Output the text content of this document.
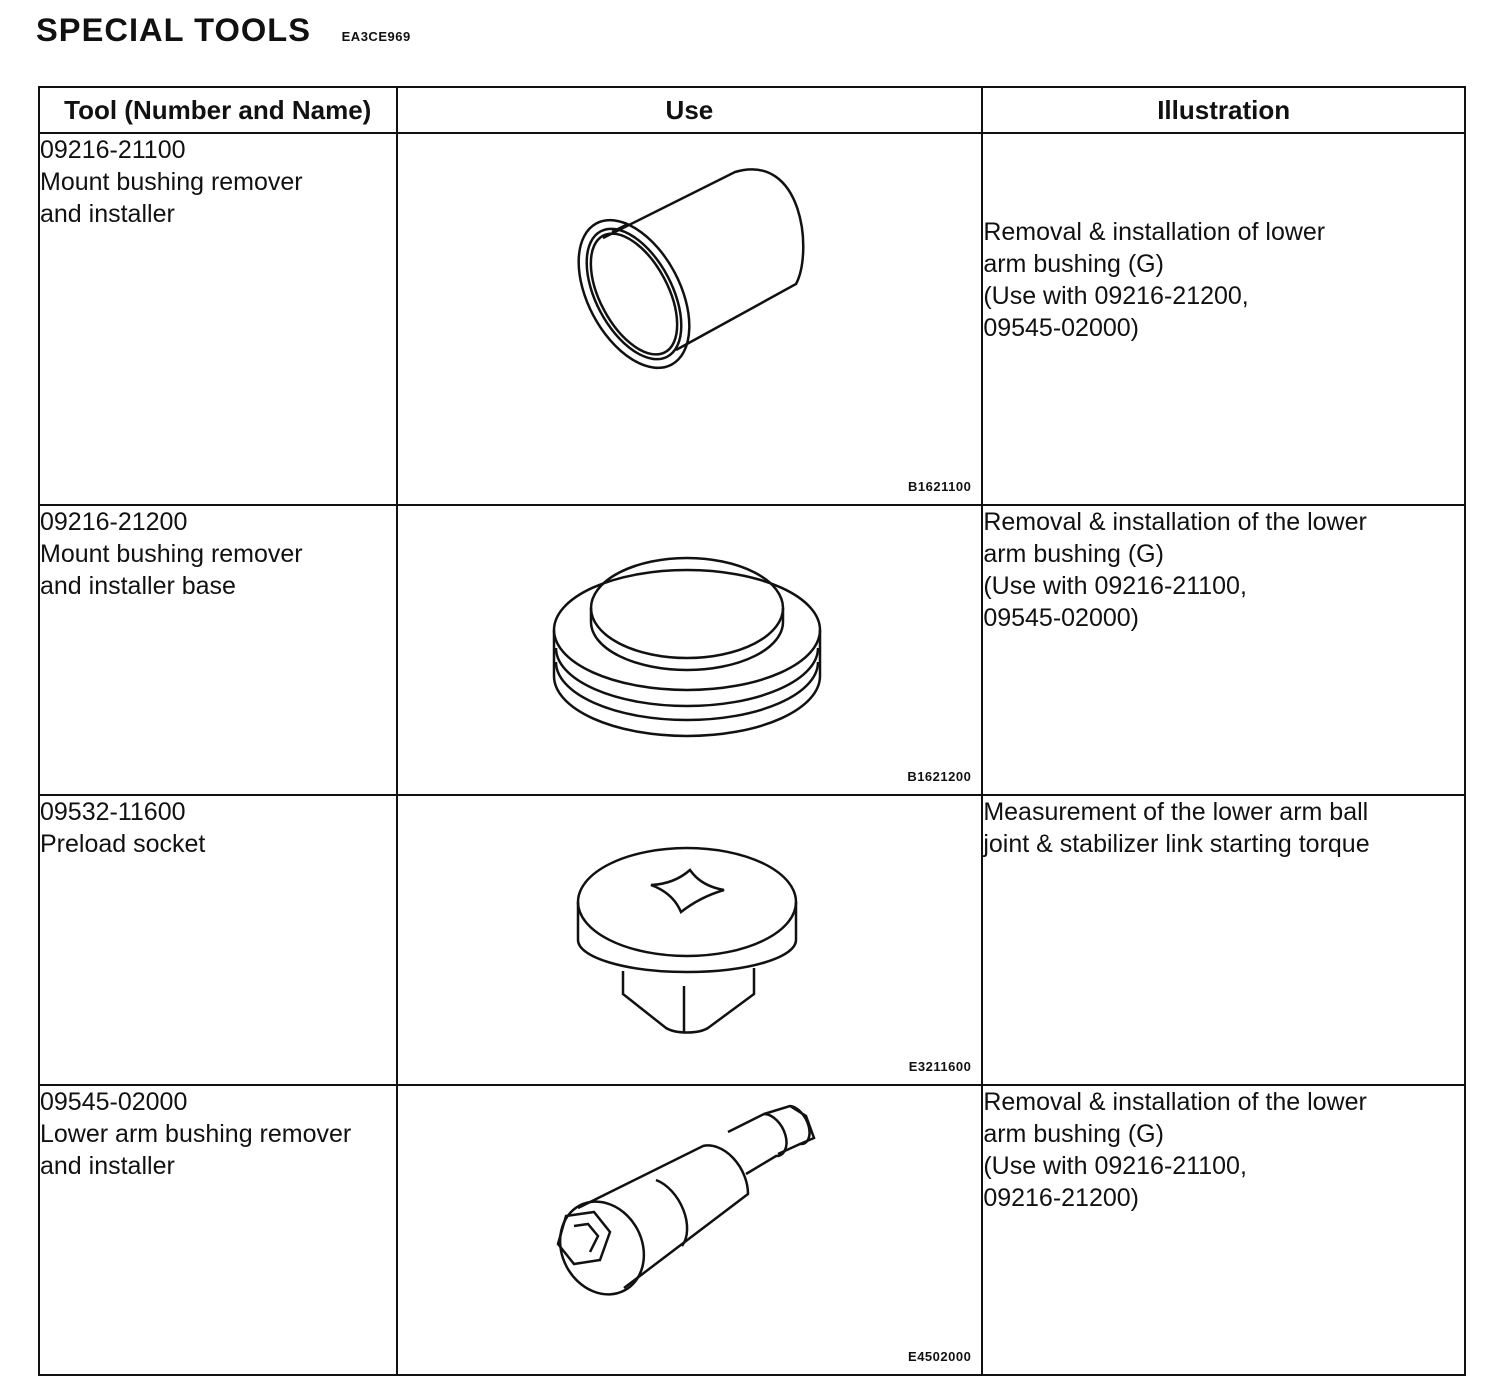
SPECIAL TOOLS EA3CE969
Tool (Number and Name)	Use	Illustration

09216-21100
Mount bushing remover
and installer	B1621100	Removal & installation of lower
arm bushing (G)
(Use with 09216-21200,
09545-02000)

09216-21200
Mount bushing remover
and installer base	B1621200	Removal & installation of the lower
arm bushing (G)
(Use with 09216-21100,
09545-02000)

09532-11600
Preload socket	E3211600	Measurement of the lower arm ball
joint & stabilizer link starting torque

09545-02000
Lower arm bushing remover
and installer	E4502000	Removal & installation of the lower
arm bushing (G)
(Use with 09216-21100,
09216-21200)
